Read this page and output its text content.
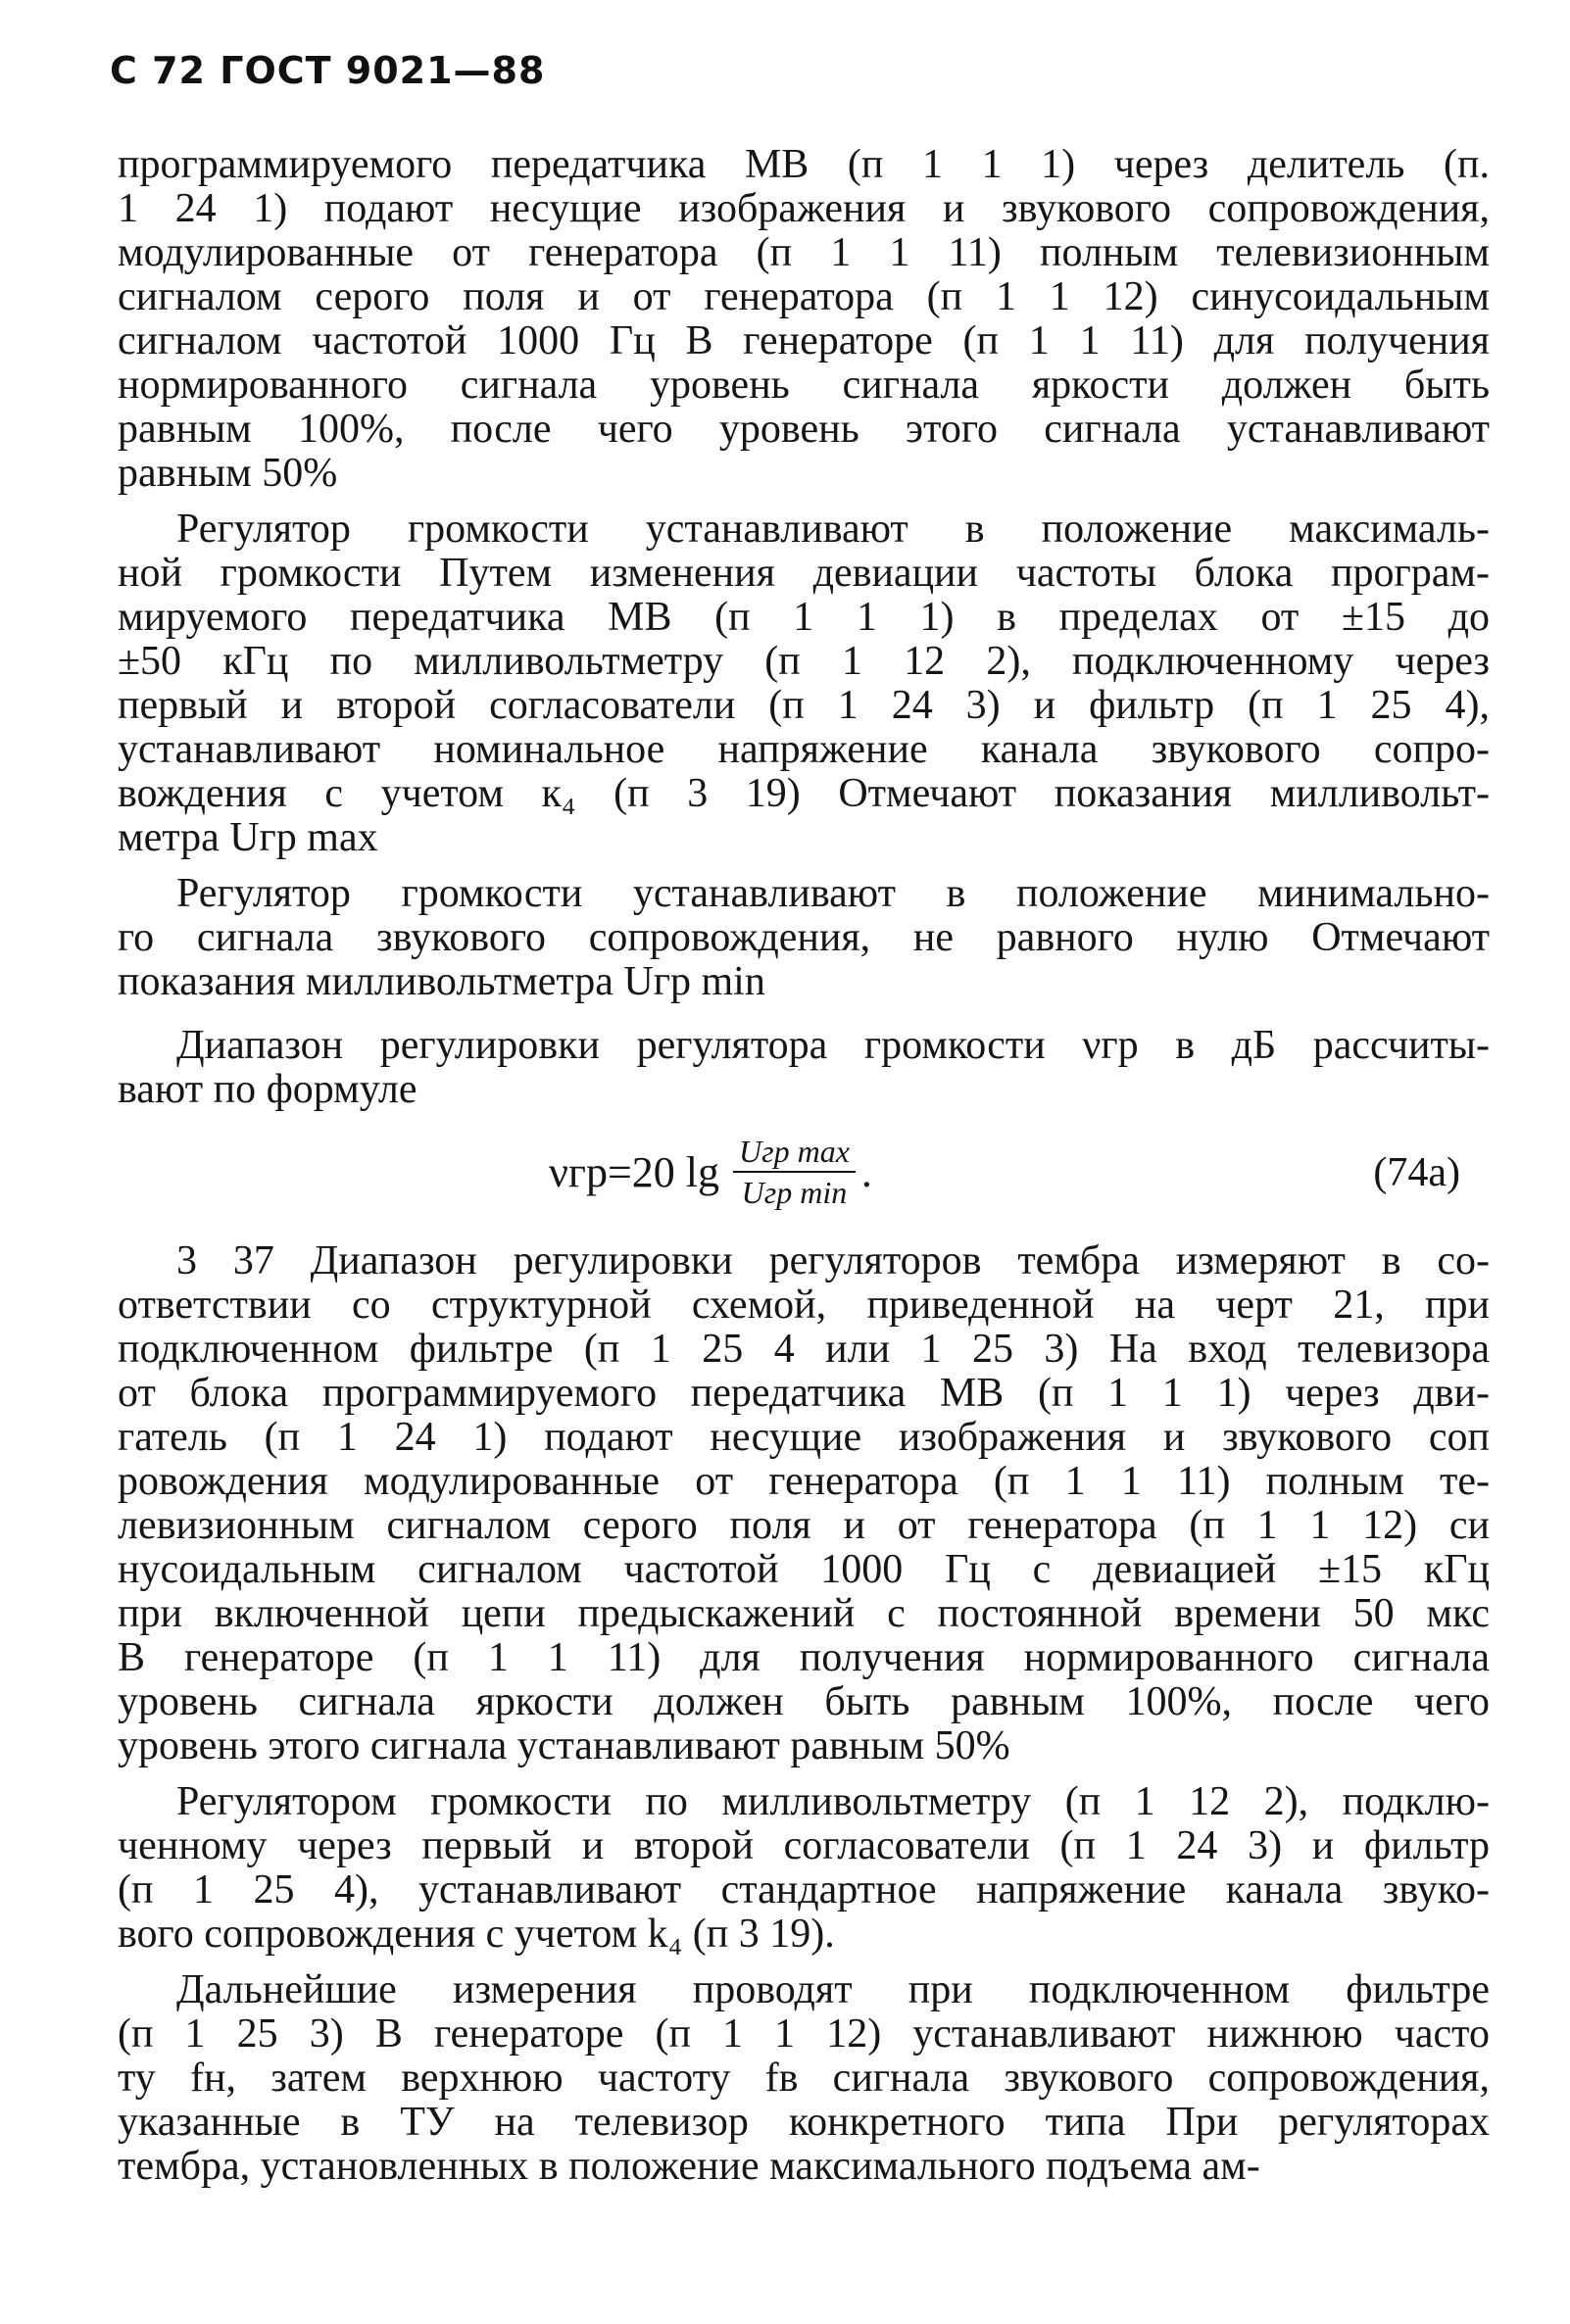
С 72 ГОСТ 9021—88
программируемого передатчика МВ (п 1 1 1) через делитель (п.
1 24 1) подают несущие изображения и звукового сопровождения,
модулированные от генератора (п 1 1 11) полным телевизионным
сигналом серого поля и от генератора (п 1 1 12) синусоидальным
сигналом частотой 1000 Гц В генераторе (п 1 1 11) для получения
нормированного сигнала уровень сигнала яркости должен быть
равным 100%, после чего уровень этого сигнала устанавливают
равным 50%
Регулятор громкости устанавливают в положение максималь-
ной громкости Путем изменения девиации частоты блока програм-
мируемого передатчика МВ (п 1 1 1) в пределах от ±15 до
±50 кГц по милливольтметру (п 1 12 2), подключенному через
первый и второй согласователи (п 1 24 3) и фильтр (п 1 25 4),
устанавливают номинальное напряжение канала звукового сопро-
вождения с учетом к₄ (п 3 19) Отмечают показания милливольт-
метра Uгр max
Регулятор громкости устанавливают в положение минимально-
го сигнала звукового сопровождения, не равного нулю Отмечают
показания милливольтметра Uгр min
Диапазон регулировки регулятора громкости νгр в дБ рассчиты-
вают по формуле
νгр=20 $\lg \frac{\text{Uгр max}}{\text{Uгр min}}$ .	(74а)
3 37 Диапазон регулировки регуляторов тембра измеряют в со-
ответствии со структурной схемой, приведенной на черт 21, при
подключенном фильтре (п 1 25 4 или 1 25 3) На вход телевизора
от блока программируемого передатчика МВ (п 1 1 1) через дви-
гатель (п 1 24 1) подают несущие изображения и звукового соп
ровождения модулированные от генератора (п 1 1 11) полным те-
левизионным сигналом серого поля и от генератора (п 1 1 12) си
нусоидальным сигналом частотой 1000 Гц с девиацией ±15 кГц
при включенной цепи предыскажений с постоянной времени 50 мкс
В генераторе (п 1 1 11) для получения нормированного сигнала
уровень сигнала яркости должен быть равным 100%, после чего
уровень этого сигнала устанавливают равным 50%
Регулятором громкости по милливольтметру (п 1 12 2), подклю-
ченному через первый и второй согласователи (п 1 24 3) и фильтр
(п 1 25 4), устанавливают стандартное напряжение канала звуко-
вого сопровождения с учетом k₄ (п 3 19).
Дальнейшие измерения проводят при подключенном фильтре
(п 1 25 3) В генераторе (п 1 1 12) устанавливают нижнюю часто
ту fн, затем верхнюю частоту fв сигнала звукового сопровождения,
указанные в ТУ на телевизор конкретного типа При регуляторах
тембра, установленных в положение максимального подъема ам-
